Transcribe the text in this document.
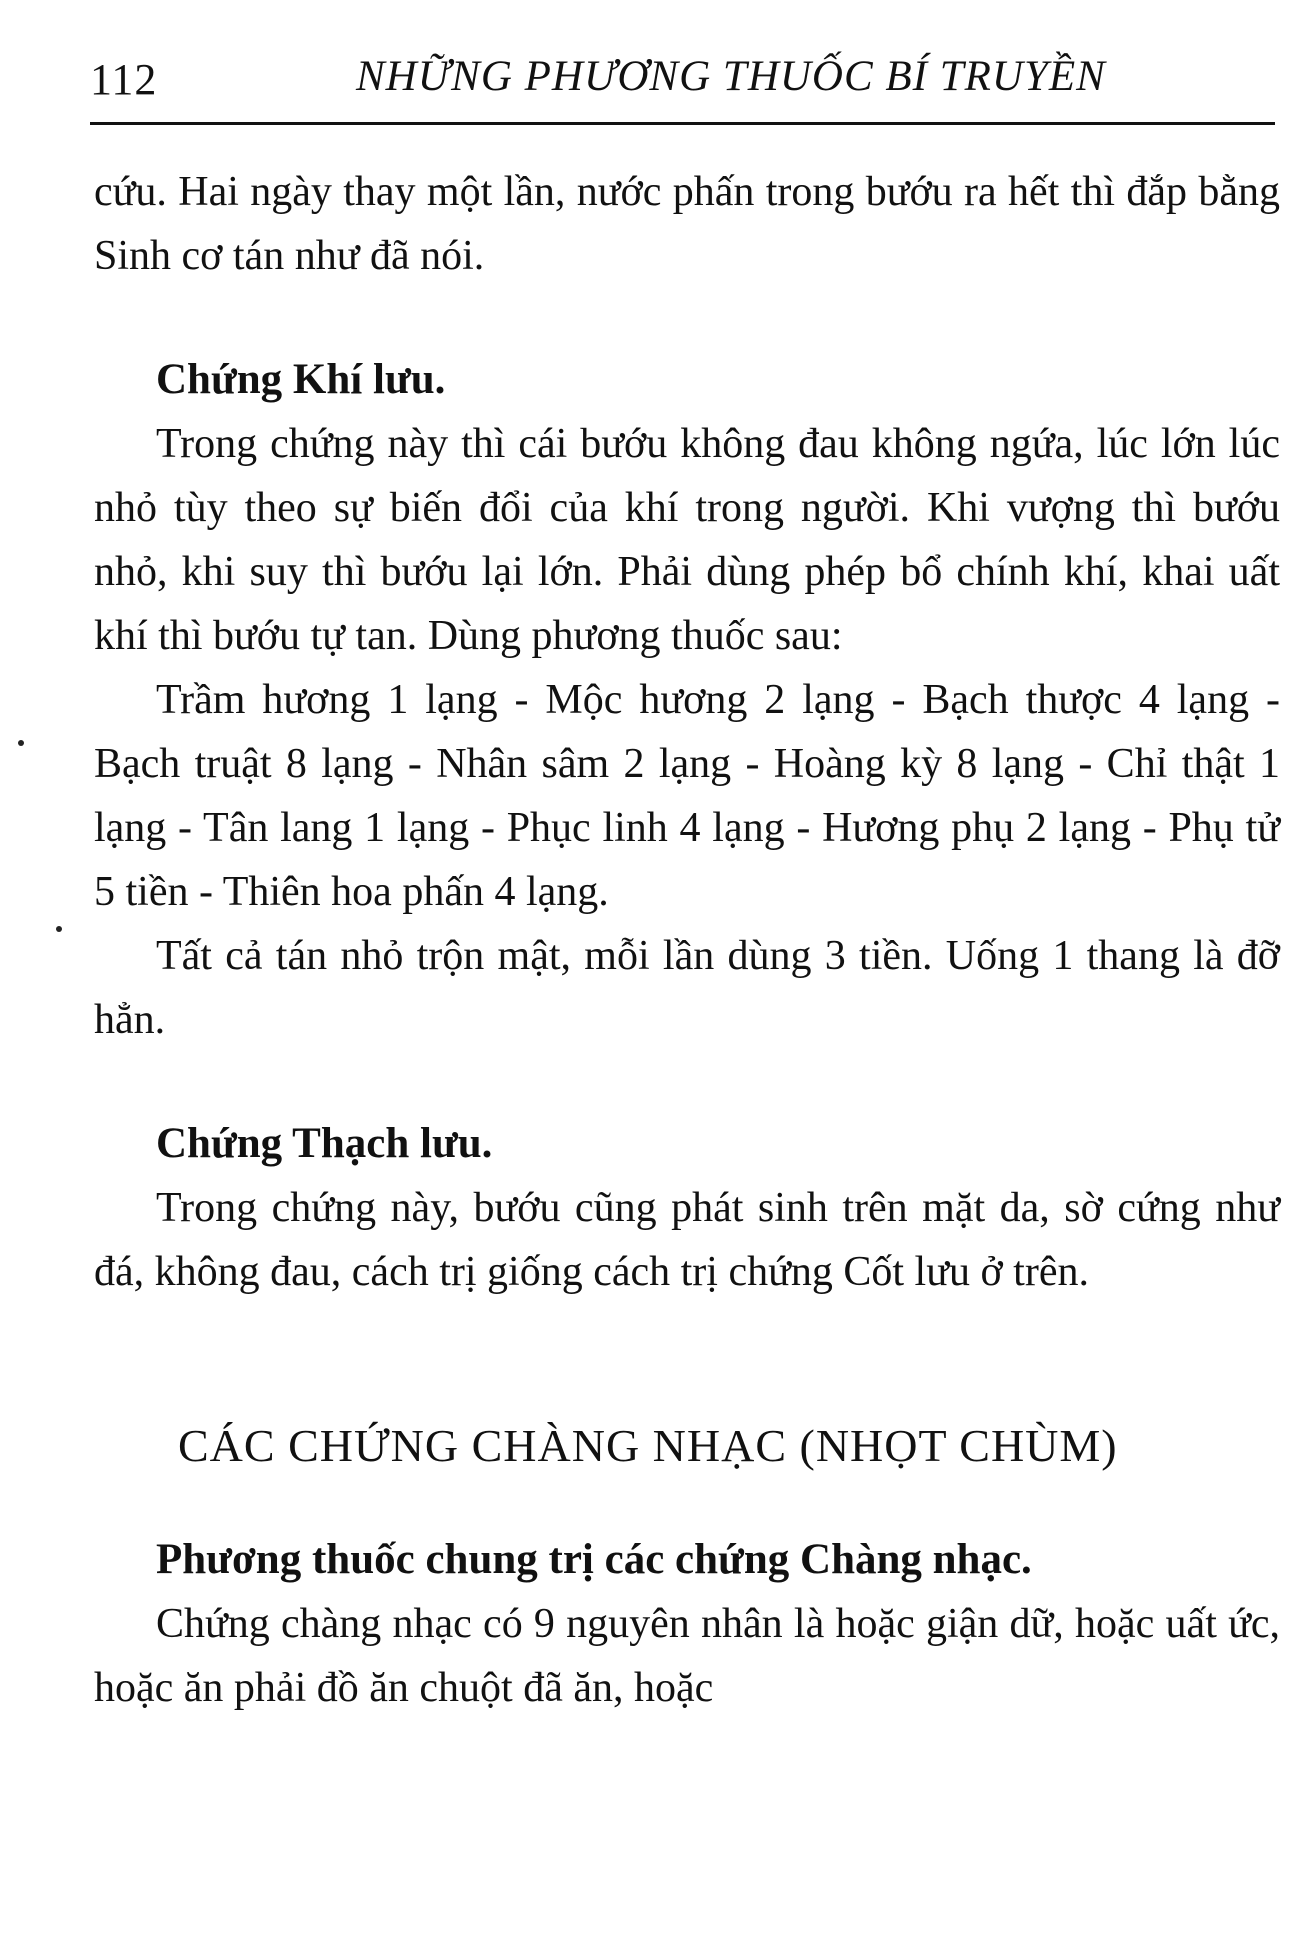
112	NHỮNG PHƯƠNG THUỐC BÍ TRUYỀN

cứu. Hai ngày thay một lần, nước phấn trong bướu ra hết thì đắp bằng Sinh cơ tán như đã nói.

Chứng Khí lưu.

Trong chứng này thì cái bướu không đau không ngứa, lúc lớn lúc nhỏ tùy theo sự biến đổi của khí trong người. Khi vượng thì bướu nhỏ, khi suy thì bướu lại lớn. Phải dùng phép bổ chính khí, khai uất khí thì bướu tự tan. Dùng phương thuốc sau:

Trầm hương 1 lạng - Mộc hương 2 lạng - Bạch thược 4 lạng - Bạch truật 8 lạng - Nhân sâm 2 lạng - Hoàng kỳ 8 lạng - Chỉ thật 1 lạng - Tân lang 1 lạng - Phục linh 4 lạng - Hương phụ 2 lạng - Phụ tử 5 tiền - Thiên hoa phấn 4 lạng.

Tất cả tán nhỏ trộn mật, mỗi lần dùng 3 tiền. Uống 1 thang là đỡ hẳn.

Chứng Thạch lưu.

Trong chứng này, bướu cũng phát sinh trên mặt da, sờ cứng như đá, không đau, cách trị giống cách trị chứng Cốt lưu ở trên.

CÁC CHỨNG CHÀNG NHẠC (NHỌT CHÙM)

Phương thuốc chung trị các chứng Chàng nhạc.

Chứng chàng nhạc có 9 nguyên nhân là hoặc giận dữ, hoặc uất ức, hoặc ăn phải đồ ăn chuột đã ăn, hoặc
